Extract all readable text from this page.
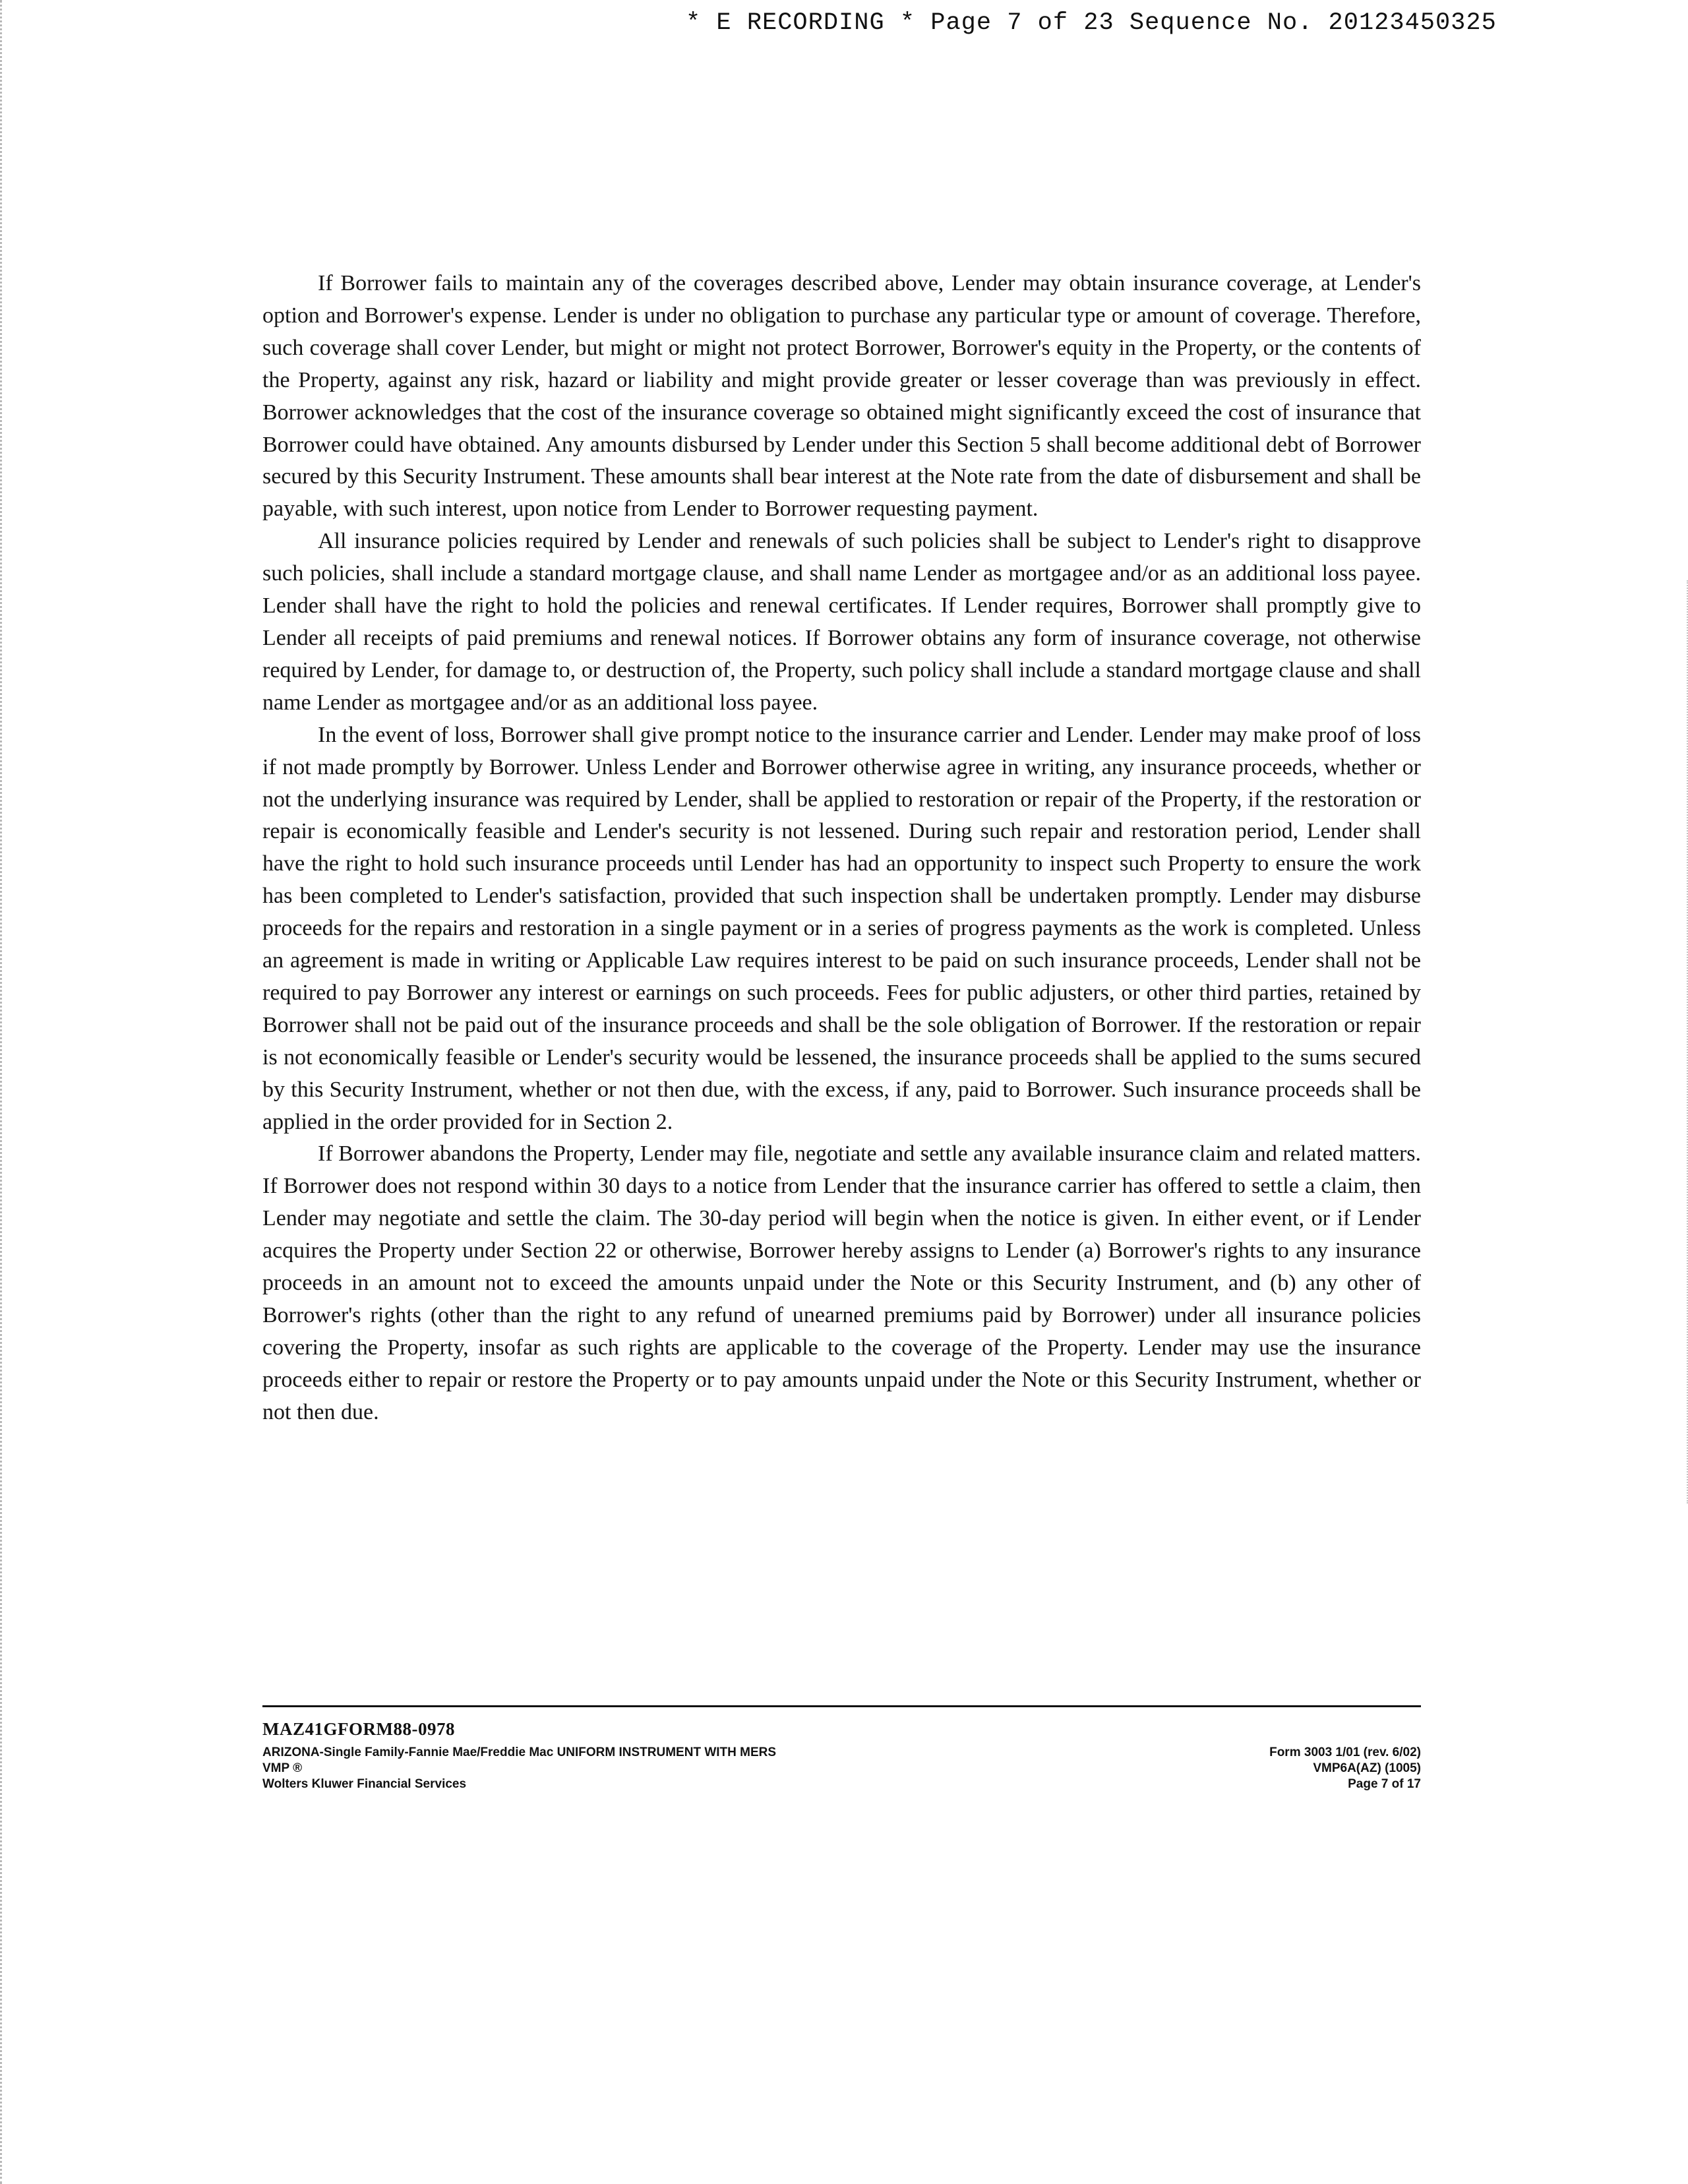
* E RECORDING * Page 7 of 23 Sequence No. 20123450325

If Borrower fails to maintain any of the coverages described above, Lender may obtain insurance coverage, at Lender's option and Borrower's expense. Lender is under no obligation to purchase any particular type or amount of coverage. Therefore, such coverage shall cover Lender, but might or might not protect Borrower, Borrower's equity in the Property, or the contents of the Property, against any risk, hazard or liability and might provide greater or lesser coverage than was previously in effect. Borrower acknowledges that the cost of the insurance coverage so obtained might significantly exceed the cost of insurance that Borrower could have obtained. Any amounts disbursed by Lender under this Section 5 shall become additional debt of Borrower secured by this Security Instrument. These amounts shall bear interest at the Note rate from the date of disbursement and shall be payable, with such interest, upon notice from Lender to Borrower requesting payment.

All insurance policies required by Lender and renewals of such policies shall be subject to Lender's right to disapprove such policies, shall include a standard mortgage clause, and shall name Lender as mortgagee and/or as an additional loss payee. Lender shall have the right to hold the policies and renewal certificates. If Lender requires, Borrower shall promptly give to Lender all receipts of paid premiums and renewal notices. If Borrower obtains any form of insurance coverage, not otherwise required by Lender, for damage to, or destruction of, the Property, such policy shall include a standard mortgage clause and shall name Lender as mortgagee and/or as an additional loss payee.

In the event of loss, Borrower shall give prompt notice to the insurance carrier and Lender. Lender may make proof of loss if not made promptly by Borrower. Unless Lender and Borrower otherwise agree in writing, any insurance proceeds, whether or not the underlying insurance was required by Lender, shall be applied to restoration or repair of the Property, if the restoration or repair is economically feasible and Lender's security is not lessened. During such repair and restoration period, Lender shall have the right to hold such insurance proceeds until Lender has had an opportunity to inspect such Property to ensure the work has been completed to Lender's satisfaction, provided that such inspection shall be undertaken promptly. Lender may disburse proceeds for the repairs and restoration in a single payment or in a series of progress payments as the work is completed. Unless an agreement is made in writing or Applicable Law requires interest to be paid on such insurance proceeds, Lender shall not be required to pay Borrower any interest or earnings on such proceeds. Fees for public adjusters, or other third parties, retained by Borrower shall not be paid out of the insurance proceeds and shall be the sole obligation of Borrower. If the restoration or repair is not economically feasible or Lender's security would be lessened, the insurance proceeds shall be applied to the sums secured by this Security Instrument, whether or not then due, with the excess, if any, paid to Borrower. Such insurance proceeds shall be applied in the order provided for in Section 2.

If Borrower abandons the Property, Lender may file, negotiate and settle any available insurance claim and related matters. If Borrower does not respond within 30 days to a notice from Lender that the insurance carrier has offered to settle a claim, then Lender may negotiate and settle the claim. The 30-day period will begin when the notice is given. In either event, or if Lender acquires the Property under Section 22 or otherwise, Borrower hereby assigns to Lender (a) Borrower's rights to any insurance proceeds in an amount not to exceed the amounts unpaid under the Note or this Security Instrument, and (b) any other of Borrower's rights (other than the right to any refund of unearned premiums paid by Borrower) under all insurance policies covering the Property, insofar as such rights are applicable to the coverage of the Property. Lender may use the insurance proceeds either to repair or restore the Property or to pay amounts unpaid under the Note or this Security Instrument, whether or not then due.

MAZ41GFORM88-0978
ARIZONA-Single Family-Fannie Mae/Freddie Mac UNIFORM INSTRUMENT WITH MERS
VMP ®
Wolters Kluwer Financial Services
Form 3003 1/01 (rev. 6/02)
VMP6A(AZ) (1005)
Page 7 of 17
